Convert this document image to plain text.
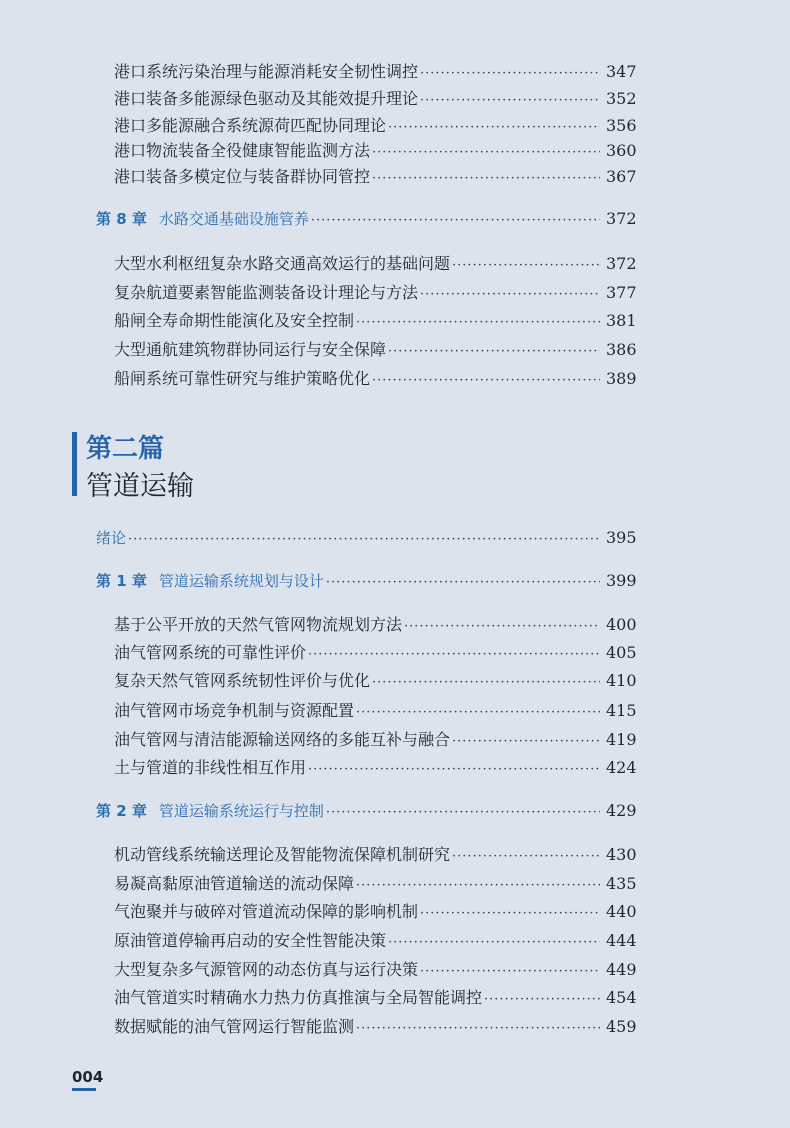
港口系统污染治理与能源消耗安全韧性调控 ·····	347
港口装备多能源绿色驱动及其能效提升理论 ·····	352
港口多能源融合系统源荷匹配协同理论 ·····	356
港口物流装备全役健康智能监测方法 ·····	360
港口装备多模定位与装备群协同管控 ·····	367
第 8 章 水路交通基础设施管养 ·····	372
大型水利枢纽复杂水路交通高效运行的基础问题 ·····	372
复杂航道要素智能监测装备设计理论与方法 ·····	377
船闸全寿命期性能演化及安全控制 ·····	381
大型通航建筑物群协同运行与安全保障 ·····	386
船闸系统可靠性研究与维护策略优化 ·····	389
第二篇
管道运输
绪论 ·····	395
第 1 章 管道运输系统规划与设计 ·····	399
基于公平开放的天然气管网物流规划方法 ·····	400
油气管网系统的可靠性评价 ·····	405
复杂天然气管网系统韧性评价与优化 ·····	410
油气管网市场竞争机制与资源配置 ·····	415
油气管网与清洁能源输送网络的多能互补与融合 ·····	419
土与管道的非线性相互作用 ·····	424
第 2 章 管道运输系统运行与控制 ·····	429
机动管线系统输送理论及智能物流保障机制研究 ·····	430
易凝高黏原油管道输送的流动保障 ·····	435
气泡聚并与破碎对管道流动保障的影响机制 ·····	440
原油管道停输再启动的安全性智能决策 ·····	444
大型复杂多气源管网的动态仿真与运行决策 ·····	449
油气管道实时精确水力热力仿真推演与全局智能调控 ·····	454
数据赋能的油气管网运行智能监测 ·····	459
004
